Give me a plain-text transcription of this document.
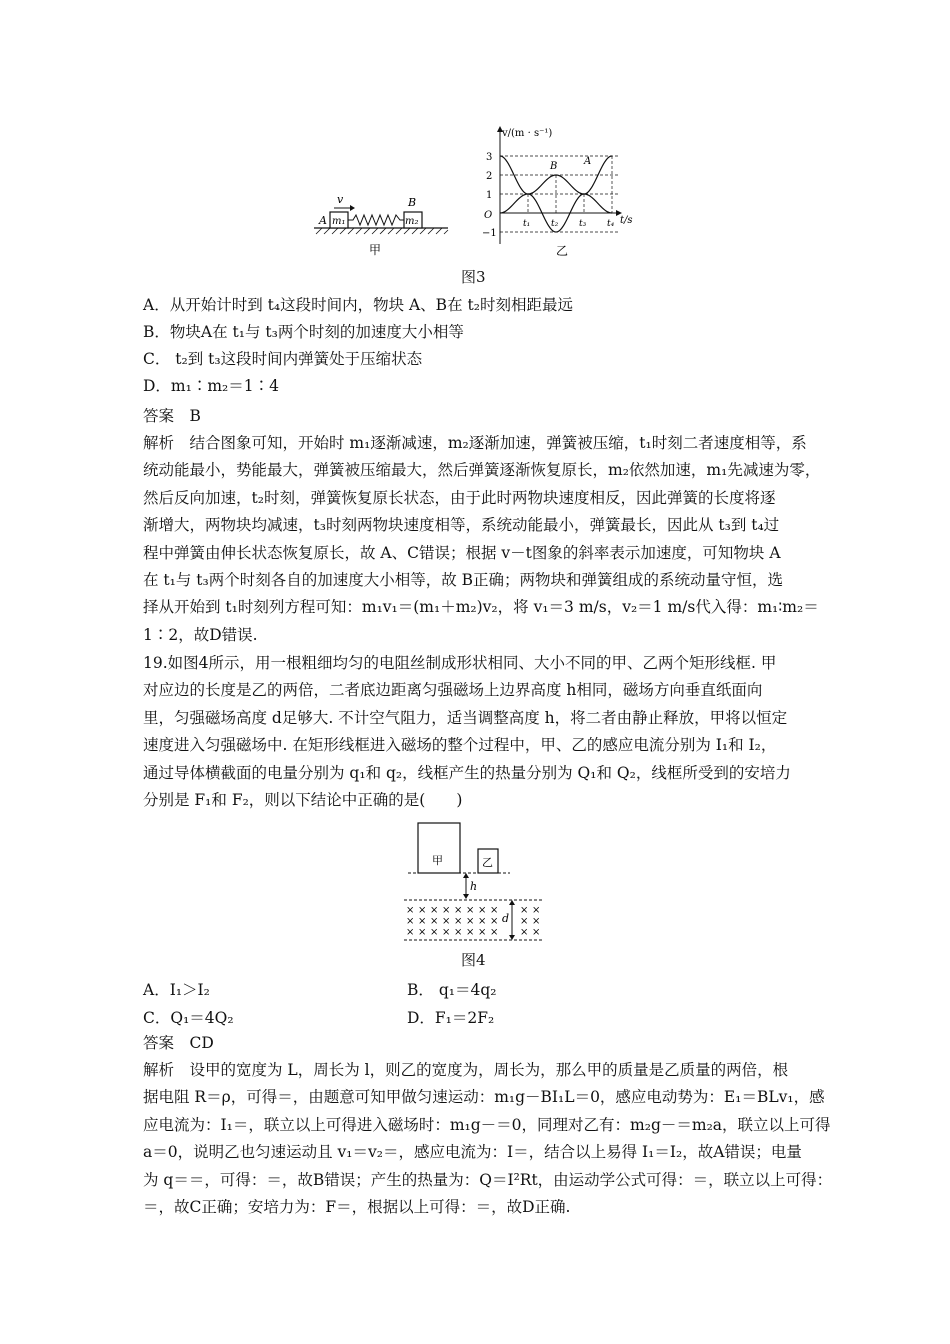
m₁
A	m₂
B
v
甲
v/(m · s⁻¹)
t/s
O
3
2
1
−1
t₁ t₂ t₃ t₄
A
B
乙
图3
A．从开始计时到 t₄这段时间内，物块 A、B在 t₂时刻相距最远
B．物块A在 t₁与 t₃两个时刻的加速度大小相等
C． t₂到 t₃这段时间内弹簧处于压缩状态
D．m₁∶m₂＝1∶4
答案　B
解析　结合图象可知，开始时 m₁逐渐减速，m₂逐渐加速，弹簧被压缩，t₁时刻二者速度相等，系
统动能最小，势能最大，弹簧被压缩最大，然后弹簧逐渐恢复原长，m₂依然加速，m₁先减速为零，
然后反向加速，t₂时刻，弹簧恢复原长状态，由于此时两物块速度相反，因此弹簧的长度将逐
渐增大，两物块均减速，t₃时刻两物块速度相等，系统动能最小，弹簧最长，因此从 t₃到 t₄过
程中弹簧由伸长状态恢复原长，故 A、C错误；根据 v－t图象的斜率表示加速度，可知物块 A
在 t₁与 t₃两个时刻各自的加速度大小相等，故 B正确；两物块和弹簧组成的系统动量守恒，选
择从开始到 t₁时刻列方程可知：m₁v₁＝(m₁＋m₂)v₂，将 v₁＝3 m/s，v₂＝1 m/s代入得：m₁∶m₂＝
1∶2，故D错误.
19.如图4所示，用一根粗细均匀的电阻丝制成形状相同、大小不同的甲、乙两个矩形线框. 甲
对应边的长度是乙的两倍，二者底边距离匀强磁场上边界高度 h相同，磁场方向垂直纸面向
里，匀强磁场高度 d足够大. 不计空气阻力，适当调整高度 h，将二者由静止释放，甲将以恒定
速度进入匀强磁场中. 在矩形线框进入磁场的整个过程中，甲、乙的感应电流分别为 I₁和 I₂，
通过导体横截面的电量分别为 q₁和 q₂，线框产生的热量分别为 Q₁和 Q₂，线框所受到的安培力
分别是 F₁和 F₂，则以下结论中正确的是(　　)
甲	乙
h
× × × × × × × × × ×
× × × × × × × × × ×
× × × × × × × × × ×
d
图4
A．I₁＞I₂	B． q₁＝4q₂
C．Q₁＝4Q₂	D．F₁＝2F₂
答案　CD
解析　设甲的宽度为 L，周长为 l，则乙的宽度为，周长为，那么甲的质量是乙质量的两倍，根
据电阻 R＝ρ，可得＝，由题意可知甲做匀速运动：m₁g－BI₁L＝0，感应电动势为：E₁＝BLv₁，感
应电流为：I₁＝，联立以上可得进入磁场时：m₁g－＝0，同理对乙有：m₂g－＝m₂a，联立以上可得
a＝0，说明乙也匀速运动且 v₁＝v₂＝，感应电流为：I＝，结合以上易得 I₁＝I₂，故A错误；电量
为 q＝＝，可得：＝，故B错误；产生的热量为：Q＝I²Rt，由运动学公式可得：＝，联立以上可得：
＝，故C正确；安培力为：F＝，根据以上可得：＝，故D正确.
